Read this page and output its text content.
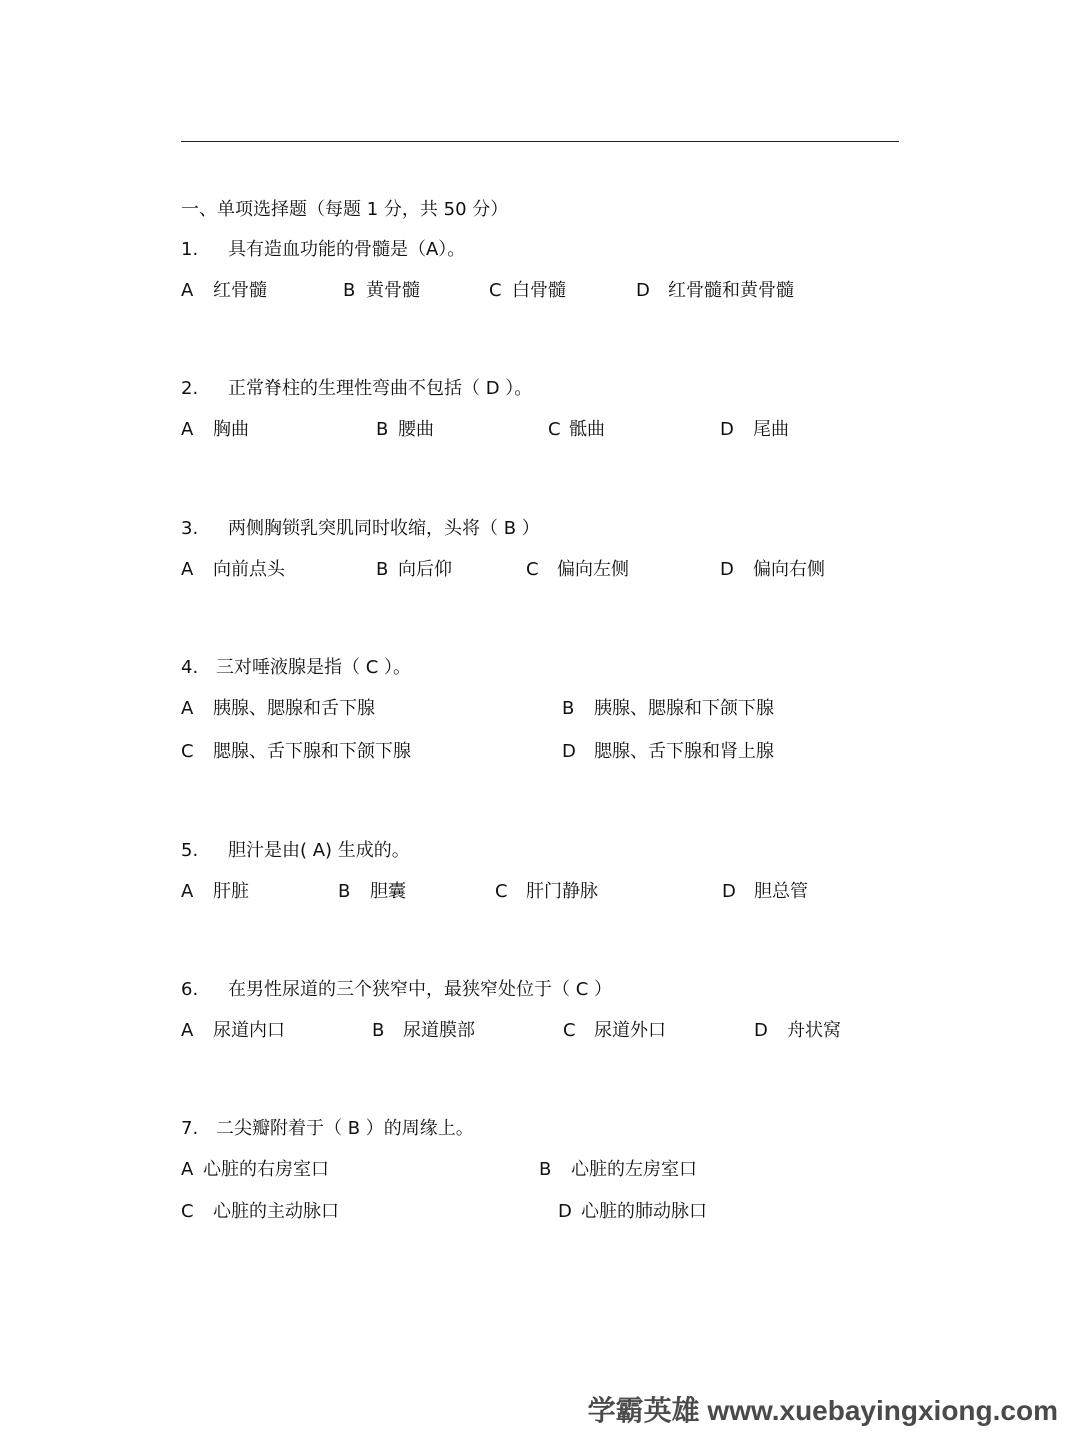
一、单项选择题（每题 1 分，共 50 分）
1. 具有造血功能的骨髓是（A）。
A 红骨髓	B 黄骨髓	C 白骨髓	D 红骨髓和黄骨髓
2. 正常脊柱的生理性弯曲不包括（ D ）。
A 胸曲	B 腰曲	C 骶曲	D 尾曲
3. 两侧胸锁乳突肌同时收缩，头将（ B ）
A 向前点头	B 向后仰	C 偏向左侧	D 偏向右侧
4. 三对唾液腺是指（ C ）。
A 胰腺、腮腺和舌下腺	B 胰腺、腮腺和下颌下腺
C 腮腺、舌下腺和下颌下腺	D 腮腺、舌下腺和肾上腺
5. 胆汁是由( A) 生成的。
A 肝脏	B 胆囊	C 肝门静脉	D 胆总管
6. 在男性尿道的三个狭窄中，最狭窄处位于（ C ）
A 尿道内口	B 尿道膜部	C 尿道外口	D 舟状窝
7. 二尖瓣附着于（ B ）的周缘上。
A 心脏的右房室口	B 心脏的左房室口
C 心脏的主动脉口	D 心脏的肺动脉口
学霸英雄 www.xuebayingxiong.com
